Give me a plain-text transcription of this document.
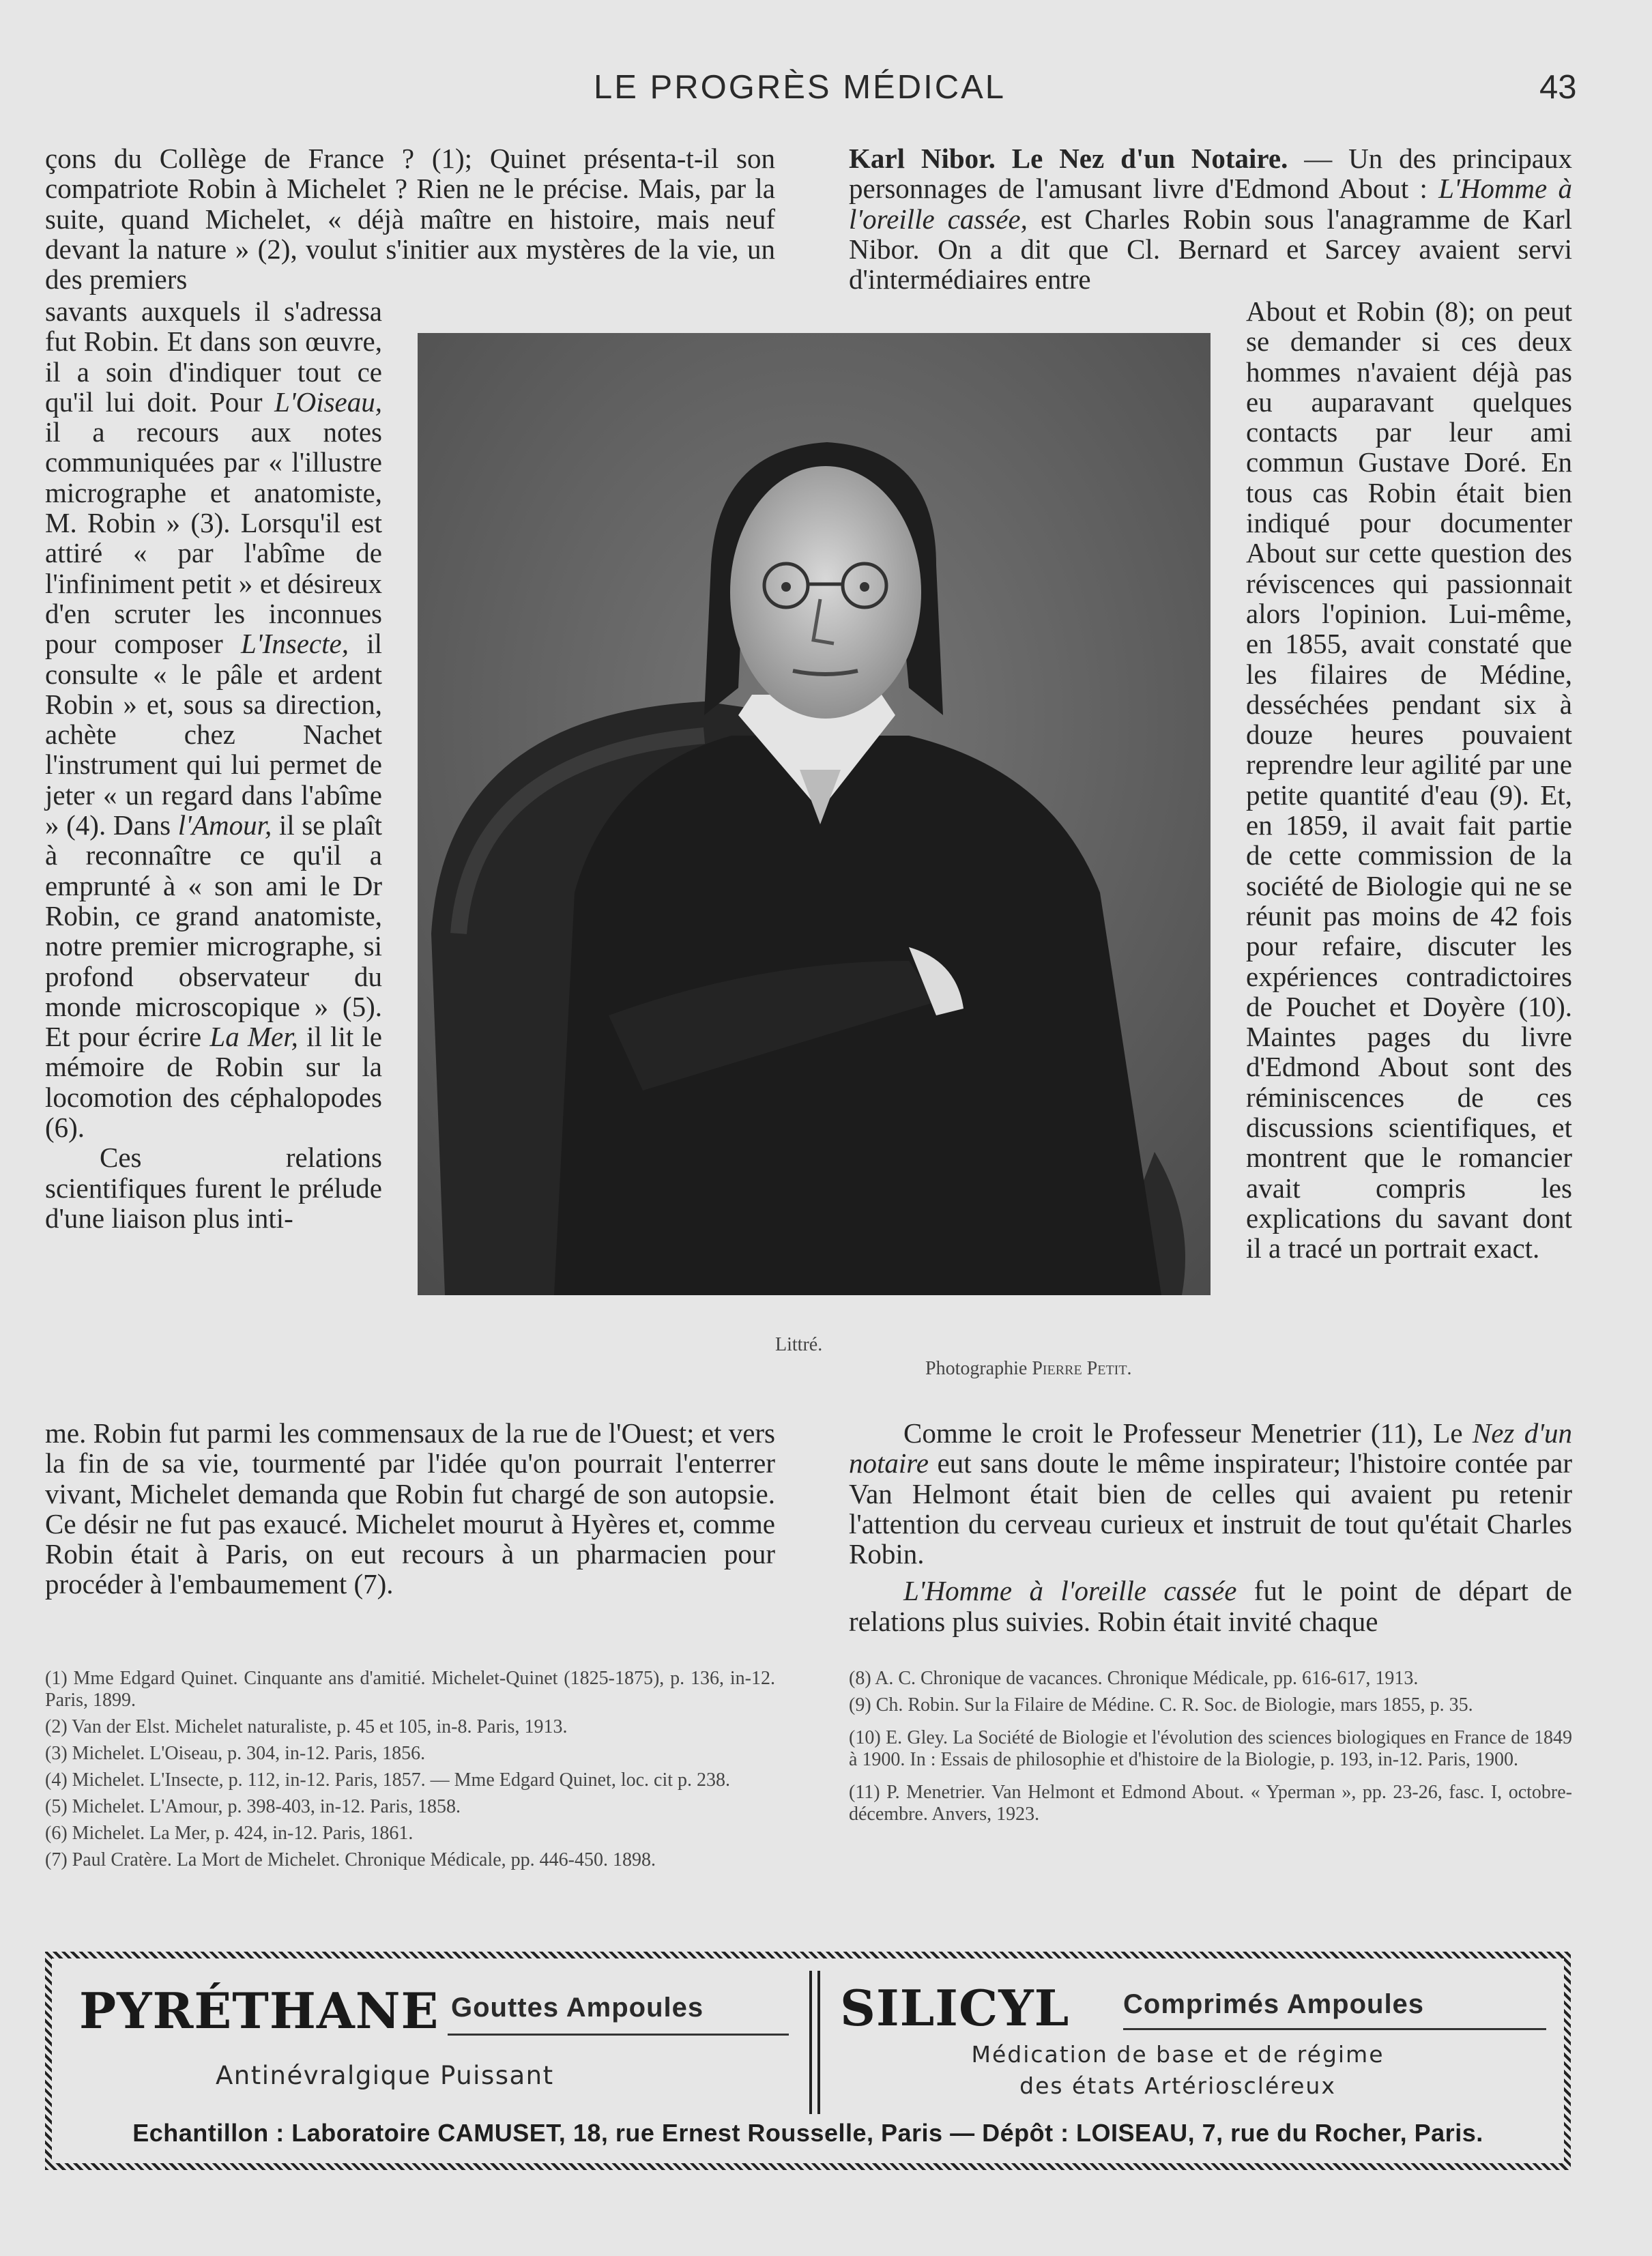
LE PROGRÈS MÉDICAL	43

çons du Collège de France ? (1); Quinet présenta-t-il son compatriote Robin à Michelet ? Rien ne le précise. Mais, par la suite, quand Michelet, « déjà maître en histoire, mais neuf devant la nature » (2), voulut s'initier aux mystères de la vie, un des premiers

savants auxquels il s'adressa fut Robin. Et dans son œuvre, il a soin d'indiquer tout ce qu'il lui doit. Pour L'Oiseau, il a recours aux notes communiquées par « l'illustre micrographe et anatomiste, M. Robin » (3). Lorsqu'il est attiré « par l'abîme de l'infiniment petit » et désireux d'en scruter les inconnues pour composer L'Insecte, il consulte « le pâle et ardent Robin » et, sous sa direction, achète chez Nachet l'instrument qui lui permet de jeter « un regard dans l'abîme » (4). Dans l'Amour, il se plaît à reconnaître ce qu'il a emprunté à « son ami le Dr Robin, ce grand anatomiste, notre premier micrographe, si profond observateur du monde microscopique » (5). Et pour écrire La Mer, il lit le mémoire de Robin sur la locomotion des céphalopodes (6).

Ces relations scientifiques furent le prélude d'une liaison plus inti-

me. Robin fut parmi les commensaux de la rue de l'Ouest; et vers la fin de sa vie, tourmenté par l'idée qu'on pourrait l'enterrer vivant, Michelet demanda que Robin fut chargé de son autopsie. Ce désir ne fut pas exaucé. Michelet mourut à Hyères et, comme Robin était à Paris, on eut recours à un pharmacien pour procéder à l'embaumement (7).

Karl Nibor. Le Nez d'un Notaire. — Un des principaux personnages de l'amusant livre d'Edmond About : L'Homme à l'oreille cassée, est Charles Robin sous l'anagramme de Karl Nibor. On a dit que Cl. Bernard et Sarcey avaient servi d'intermédiaires entre

About et Robin (8); on peut se demander si ces deux hommes n'avaient déjà pas eu auparavant quelques contacts par leur ami commun Gustave Doré. En tous cas Robin était bien indiqué pour documenter About sur cette question des réviscences qui passionnait alors l'opinion. Lui-même, en 1855, avait constaté que les filaires de Médine, desséchées pendant six à douze heures pouvaient reprendre leur agilité par une petite quantité d'eau (9). Et, en 1859, il avait fait partie de cette commission de la société de Biologie qui ne se réunit pas moins de 42 fois pour refaire, discuter les expériences contradictoires de Pouchet et Doyère (10). Maintes pages du livre d'Edmond About sont des réminiscences de ces discussions scientifiques, et montrent que le romancier avait compris les explications du savant dont il a tracé un portrait exact.

Comme le croit le Professeur Menetrier (11), Le Nez d'un notaire eut sans doute le même inspirateur; l'histoire contée par Van Helmont était bien de celles qui avaient pu retenir l'attention du cerveau curieux et instruit de tout qu'était Charles Robin.

L'Homme à l'oreille cassée fut le point de départ de relations plus suivies. Robin était invité chaque

Littré.
Photographie Pierre Petit.

(1) Mme Edgard Quinet. Cinquante ans d'amitié. Michelet-Quinet (1825-1875), p. 136, in-12. Paris, 1899.

(2) Van der Elst. Michelet naturaliste, p. 45 et 105, in-8. Paris, 1913.

(3) Michelet. L'Oiseau, p. 304, in-12. Paris, 1856.

(4) Michelet. L'Insecte, p. 112, in-12. Paris, 1857. — Mme Edgard Quinet, loc. cit p. 238.

(5) Michelet. L'Amour, p. 398-403, in-12. Paris, 1858.

(6) Michelet. La Mer, p. 424, in-12. Paris, 1861.

(7) Paul Cratère. La Mort de Michelet. Chronique Médicale, pp. 446-450. 1898.

(8) A. C. Chronique de vacances. Chronique Médicale, pp. 616-617, 1913.

(9) Ch. Robin. Sur la Filaire de Médine. C. R. Soc. de Biologie, mars 1855, p. 35.

(10) E. Gley. La Société de Biologie et l'évolution des sciences biologiques en France de 1849 à 1900. In : Essais de philosophie et d'histoire de la Biologie, p. 193, in-12. Paris, 1900.

(11) P. Menetrier. Van Helmont et Edmond About. « Yperman », pp. 23-26, fasc. I, octobre-décembre. Anvers, 1923.

PYRÉTHANE Gouttes Ampoules
Antinévralgique Puissant
SILICYL Comprimés Ampoules
Médication de base et de régime
des états Artérioscléreux
Echantillon : Laboratoire CAMUSET, 18, rue Ernest Rousselle, Paris — Dépôt : LOISEAU, 7, rue du Rocher, Paris.
